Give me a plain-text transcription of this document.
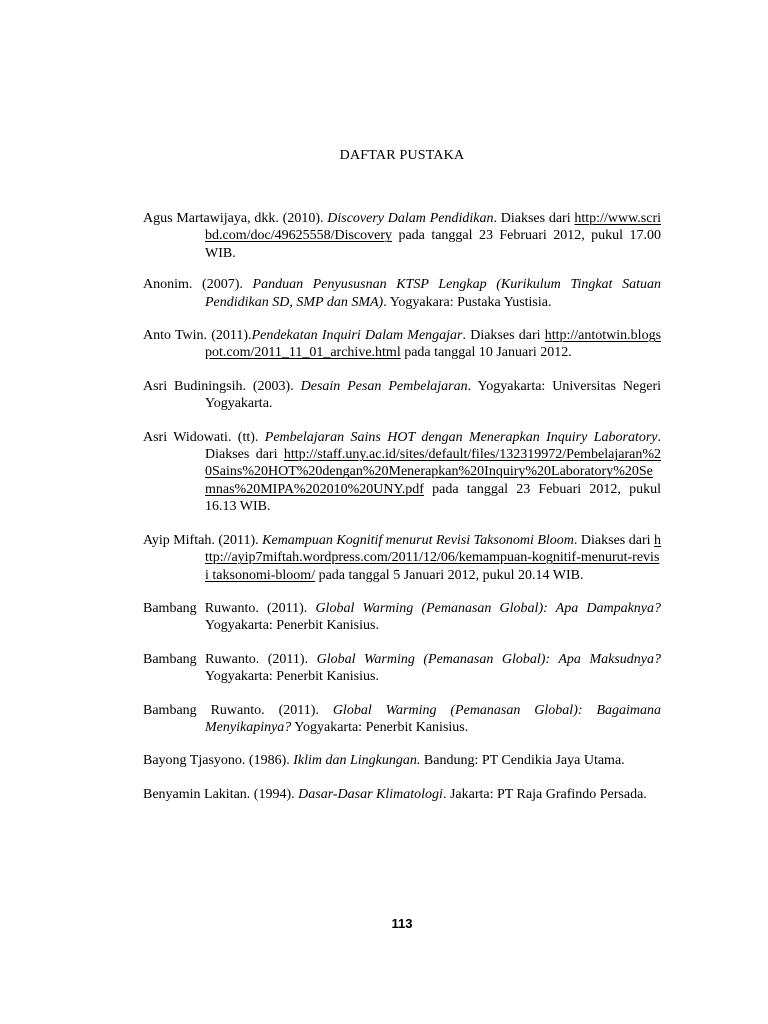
DAFTAR PUSTAKA

Agus Martawijaya, dkk. (2010). Discovery Dalam Pendidikan. Diakses dari http://www.scribd.com/doc/49625558/Discovery pada tanggal 23 Februari 2012, pukul 17.00 WIB.

Anonim. (2007). Panduan Penyususnan KTSP Lengkap (Kurikulum Tingkat Satuan Pendidikan SD, SMP dan SMA). Yogyakara: Pustaka Yustisia.

Anto Twin. (2011).Pendekatan Inquiri Dalam Mengajar. Diakses dari http://antotwin.blogspot.com/2011_11_01_archive.html pada tanggal 10 Januari 2012.

Asri Budiningsih. (2003). Desain Pesan Pembelajaran. Yogyakarta: Universitas Negeri Yogyakarta.

Asri Widowati. (tt). Pembelajaran Sains HOT dengan Menerapkan Inquiry Laboratory. Diakses dari http://staff.uny.ac.id/sites/default/files/132319972/Pembelajaran%20Sains%20HOT%20dengan%20Menerapkan%20Inquiry%20Laboratory%20Semnas%20MIPA%202010%20UNY.pdf pada tanggal 23 Febuari 2012, pukul 16.13 WIB.

Ayip Miftah. (2011). Kemampuan Kognitif menurut Revisi Taksonomi Bloom. Diakses dari http://ayip7miftah.wordpress.com/2011/12/06/kemampuan-kognitif-menurut-revisi taksonomi-bloom/ pada tanggal 5 Januari 2012, pukul 20.14 WIB.

Bambang Ruwanto. (2011). Global Warming (Pemanasan Global): Apa Dampaknya? Yogyakarta: Penerbit Kanisius.

Bambang Ruwanto. (2011). Global Warming (Pemanasan Global): Apa Maksudnya? Yogyakarta: Penerbit Kanisius.

Bambang Ruwanto. (2011). Global Warming (Pemanasan Global): Bagaimana Menyikapinya? Yogyakarta: Penerbit Kanisius.

Bayong Tjasyono. (1986). Iklim dan Lingkungan. Bandung: PT Cendikia Jaya Utama.

Benyamin Lakitan. (1994). Dasar-Dasar Klimatologi. Jakarta: PT Raja Grafindo Persada.

113
